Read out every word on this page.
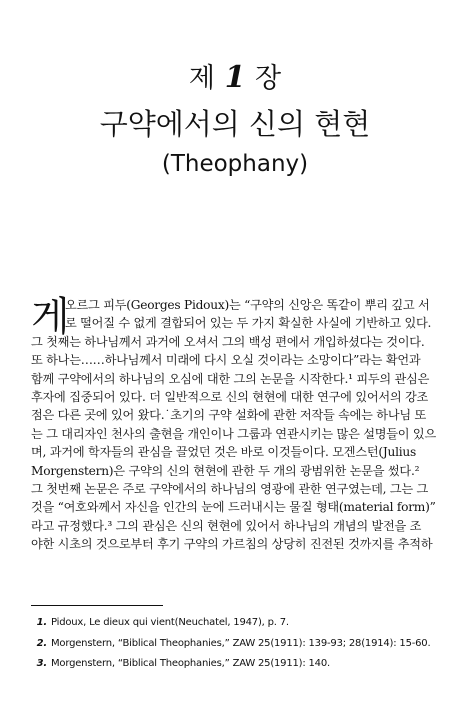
제 1 장
구약에서의 신의 현현
(Theophany)
게
오르그 피두(Georges Pidoux)는 “구약의 신앙은 똑같이 뿌리 깊고 서
로 떨어질 수 없게 결합되어 있는 두 가지 확실한 사실에 기반하고 있다.
그 첫째는 하나님께서 과거에 오셔서 그의 백성 편에서 개입하셨다는 것이다.
또 하나는……하나님께서 미래에 다시 오실 것이라는 소망이다”라는 확언과
함께 구약에서의 하나님의 오심에 대한 그의 논문을 시작한다.¹ 피두의 관심은
후자에 집중되어 있다. 더 일반적으로 신의 현현에 대한 연구에 있어서의 강조
점은 다른 곳에 있어 왔다.˙초기의 구약 설화에 관한 저작들 속에는 하나님 또
는 그 대리자인 천사의 출현을 개인이나 그룹과 연관시키는 많은 설명들이 있으
며, 과거에 학자들의 관심을 끌었던 것은 바로 이것들이다. 모겐스턴(Julius
Morgenstern)은 구약의 신의 현현에 관한 두 개의 광범위한 논문을 썼다.²
그 첫번째 논문은 주로 구약에서의 하나님의 영광에 관한 연구였는데, 그는 그
것을 “여호와께서 자신을 인간의 눈에 드러내시는 물질 형태(material form)”
라고 규정했다.³ 그의 관심은 신의 현현에 있어서 하나님의 개념의 발전을 조
야한 시초의 것으로부터 후기 구약의 가르침의 상당히 진전된 것까지를 추적하
1. Pidoux, Le dieux qui vient(Neuchatel, 1947), p. 7.
2. Morgenstern, “Biblical Theophanies,” ZAW 25(1911): 139-93; 28(1914): 15-60.
3. Morgenstern, “Biblical Theophanies,” ZAW 25(1911): 140.
